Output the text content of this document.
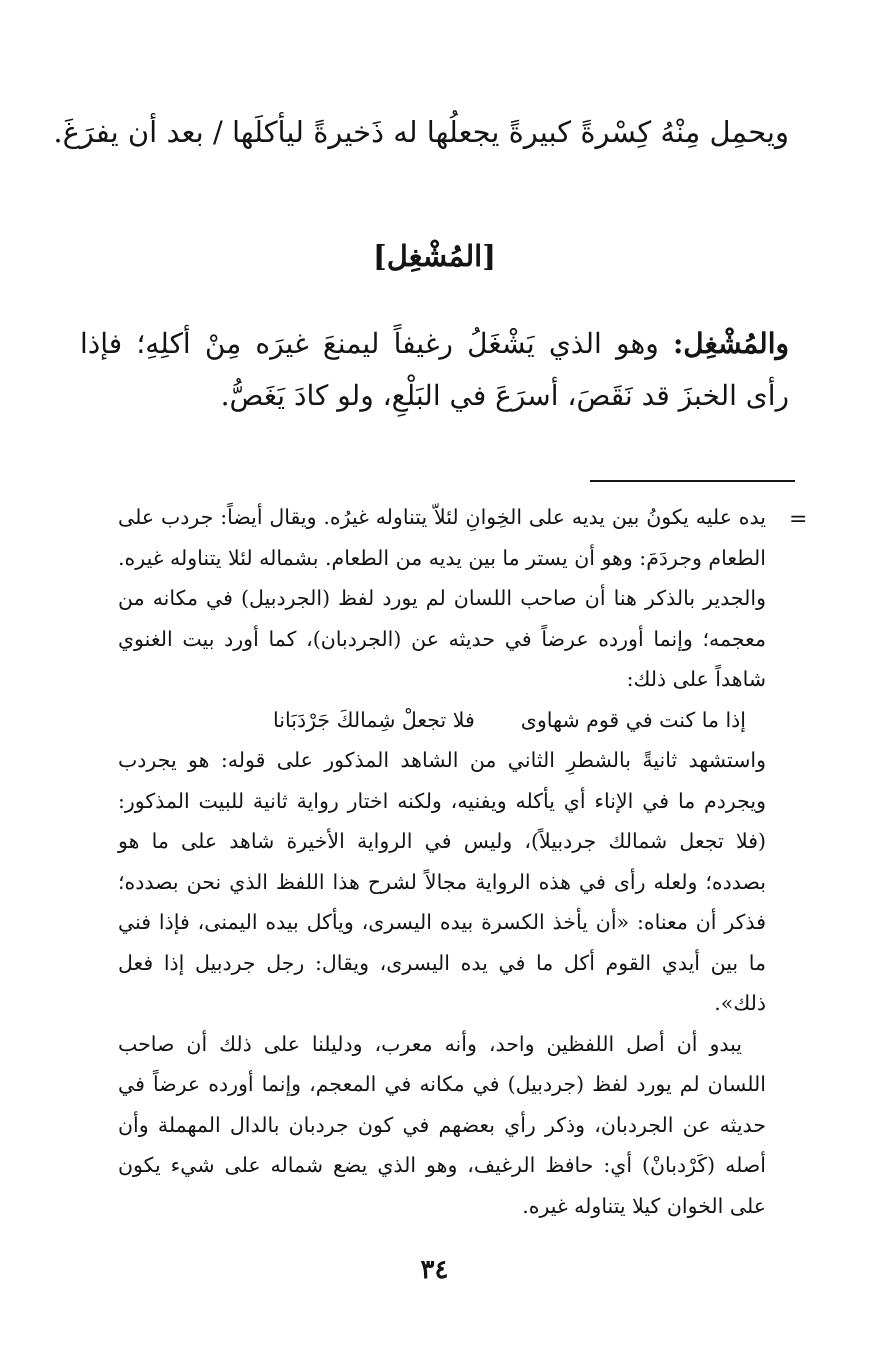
ويحمِل مِنْهُ كِسْرةً كبيرةً يجعلُها له ذَخيرةً ليأكلَها / بعد أن يفرَغَ.
[المُشْغِل]
والمُشْغِل: وهو الذي يَشْغَلُ رغيفاً ليمنعَ غيرَه مِنْ أكلِهِ؛ فإذا رأى الخبزَ قد نَقَصَ، أسرَعَ في البَلْعِ، ولو كادَ يَغَصُّ.
=

يده عليه يكونُ بين يديه على الخِوانِ لئلاّ يتناوله غيرُه. ويقال أيضاً: جردب على الطعام وجردَمَ: وهو أن يستر ما بين يديه من الطعام. بشماله لئلا يتناوله غيره. والجدير بالذكر هنا أن صاحب اللسان لم يورد لفظ (الجردبيل) في مكانه من معجمه؛ وإنما أورده عرضاً في حديثه عن (الجردبان)، كما أورد بيت الغنوي شاهداً على ذلك:

إذا ما كنت في قوم شهاوى
فلا تجعلْ شِمالكَ جَرْدَبَانا

واستشهد ثانيةً بالشطرِ الثاني من الشاهد المذكور على قوله: هو يجردب ويجردم ما في الإناء أي يأكله ويفنيه، ولكنه اختار رواية ثانية للبيت المذكور: (فلا تجعل شمالك جردبيلاً)، وليس في الرواية الأخيرة شاهد على ما هو بصدده؛ ولعله رأى في هذه الرواية مجالاً لشرح هذا اللفظ الذي نحن بصدده؛ فذكر أن معناه: «أن يأخذ الكسرة بيده اليسرى، ويأكل بيده اليمنى، فإذا فني ما بين أيدي القوم أكل ما في يده اليسرى، ويقال: رجل جردبيل إذا فعل ذلك».

يبدو أن أصل اللفظين واحد، وأنه معرب، ودليلنا على ذلك أن صاحب اللسان لم يورد لفظ (جردبيل) في مكانه في المعجم، وإنما أورده عرضاً في حديثه عن الجردبان، وذكر رأي بعضهم في كون جردبان بالدال المهملة وأن أصله (كَرْدبانْ) أي: حافظ الرغيف، وهو الذي يضع شماله على شيء يكون على الخوان كيلا يتناوله غيره.

٣٤
